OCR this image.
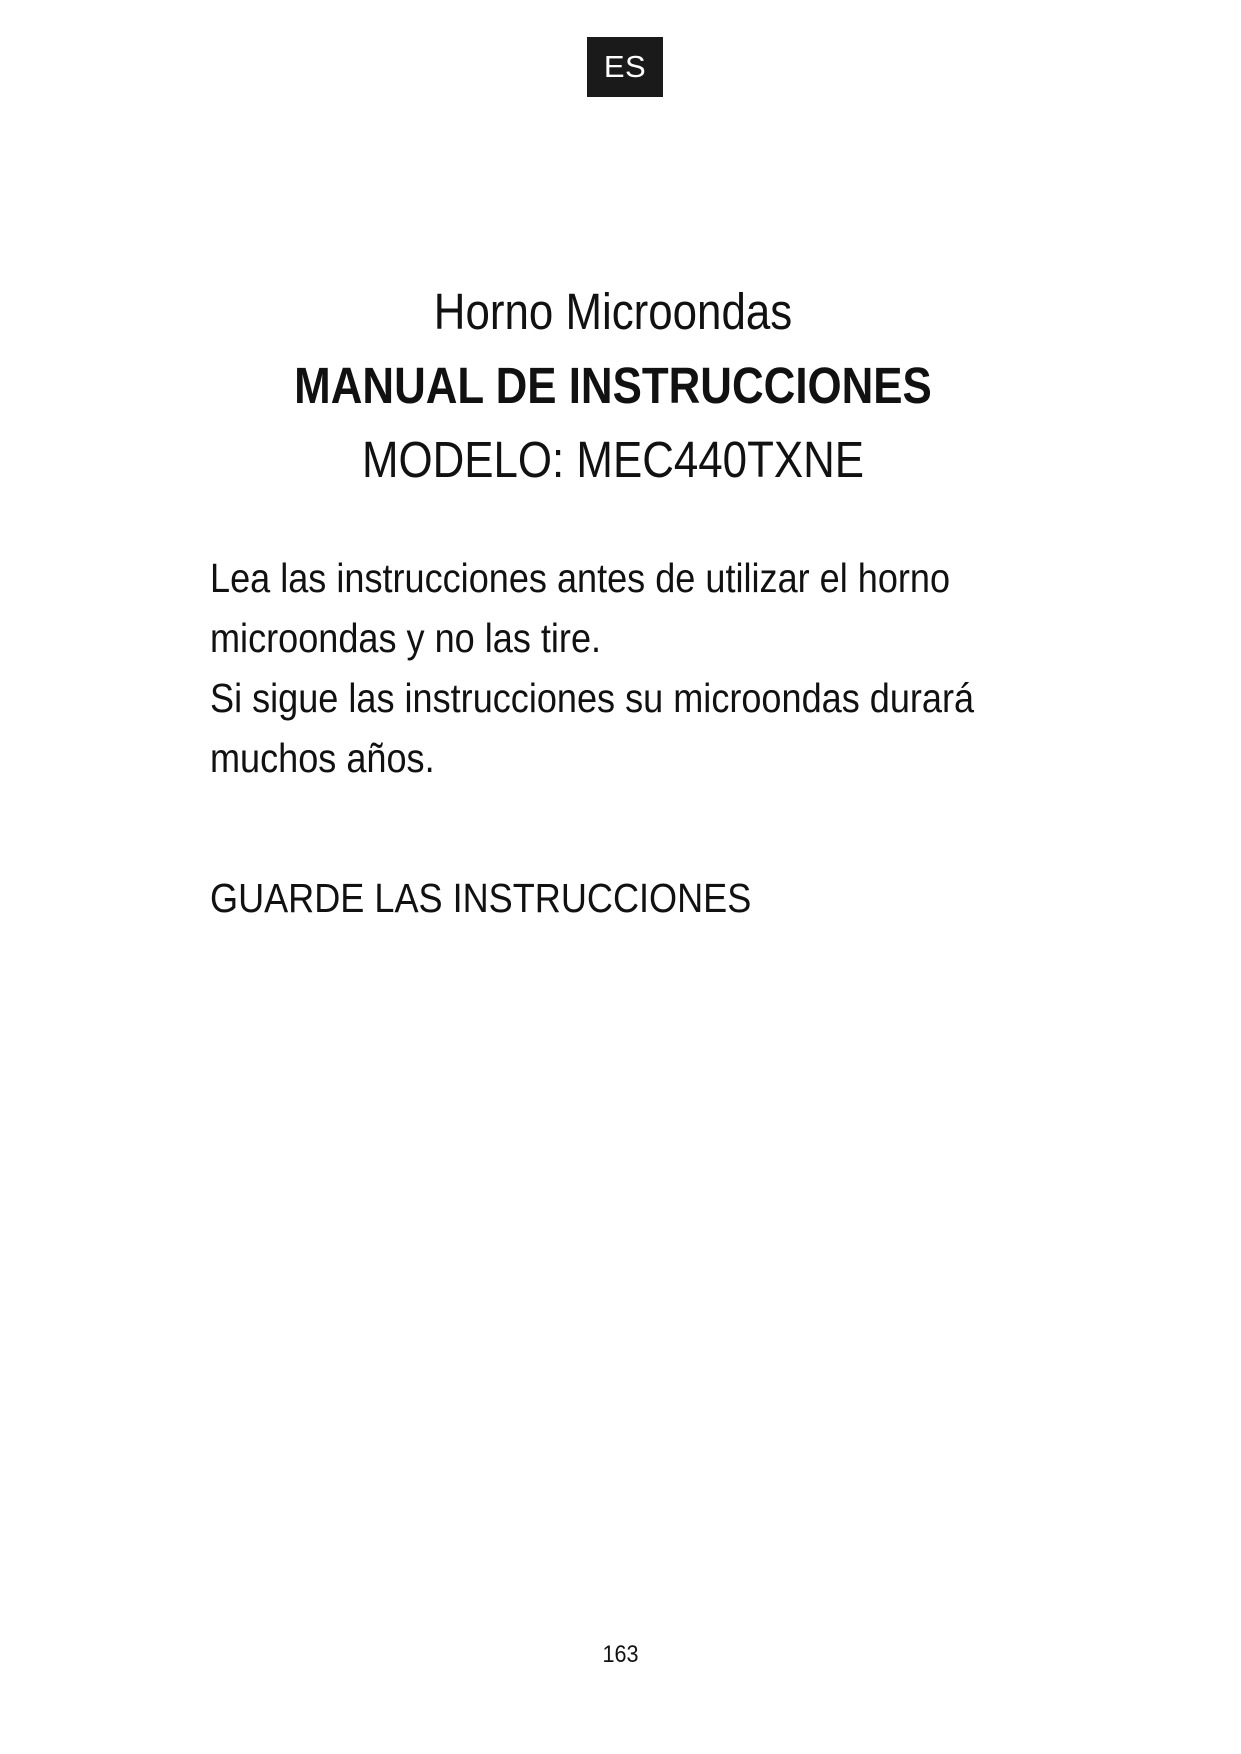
ES
Horno Microondas
MANUAL DE INSTRUCCIONES
MODELO: MEC440TXNE

Lea las instrucciones antes de utilizar el horno microondas y no las tire.

Si sigue las instrucciones su microondas durará muchos años.

GUARDE LAS INSTRUCCIONES
163
